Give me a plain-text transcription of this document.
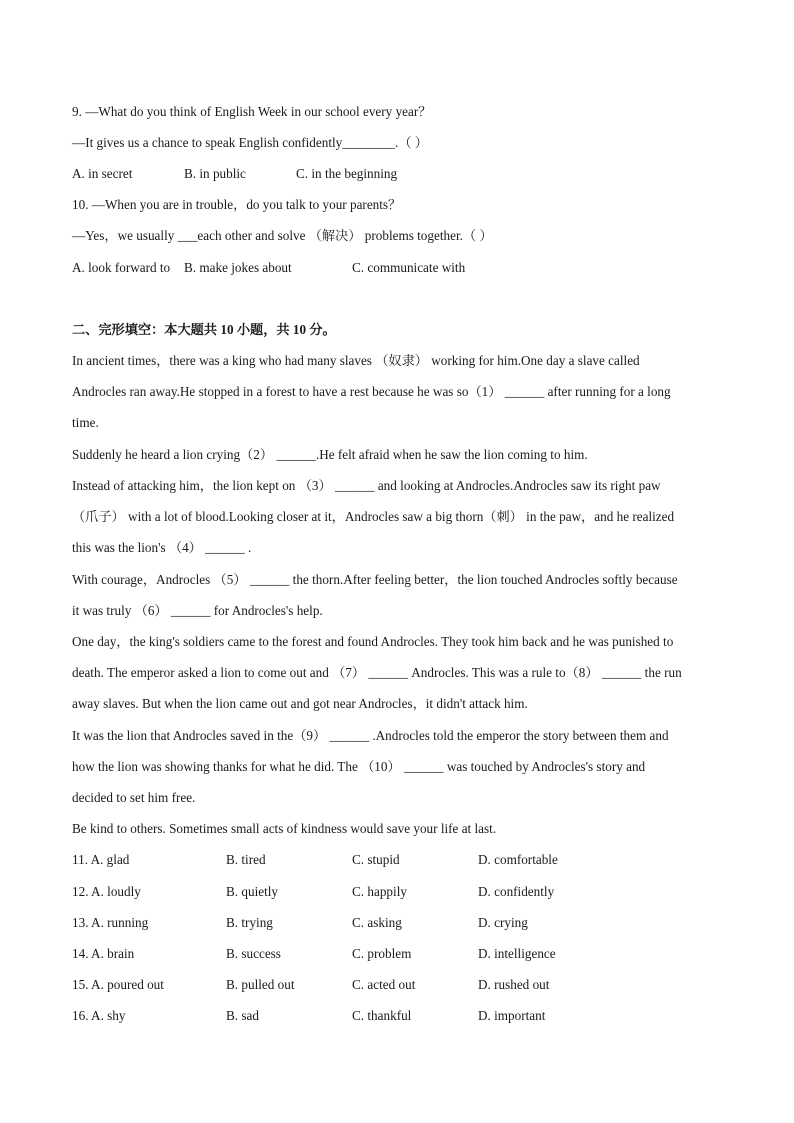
9. —What do you think of English Week in our school every year？
—It gives us a chance to speak English confidently________.（ ）
A. in secret	B. in public	C. in the beginning
10. —When you are in trouble，do you talk to your parents？
—Yes，we usually ___each other and solve （解决） problems together.（ ）
A. look forward to B. make jokes about	C. communicate with
二、完形填空：本大题共 10 小题，共 10 分。
In ancient times，there was a king who had many slaves （奴隶） working for him.One day a slave called
Androcles ran away.He stopped in a forest to have a rest because he was so（1） ______ after running for a long
time.
Suddenly he heard a lion crying（2） ______.He felt afraid when he saw the lion coming to him.
Instead of attacking him，the lion kept on （3） ______ and looking at Androcles.Androcles saw its right paw
（爪子） with a lot of blood.Looking closer at it，Androcles saw a big thorn（刺） in the paw，and he realized
this was the lion's （4） ______ .
With courage，Androcles （5） ______ the thorn.After feeling better，the lion touched Androcles softly because
it was truly （6） ______ for Androcles's help.
One day，the king's soldiers came to the forest and found Androcles. They took him back and he was punished to
death. The emperor asked a lion to come out and （7） ______ Androcles. This was a rule to（8） ______ the run
away slaves. But when the lion came out and got near Androcles，it didn't attack him.
It was the lion that Androcles saved in the（9） ______ .Androcles told the emperor the story between them and
how the lion was showing thanks for what he did. The （10） ______ was touched by Androcles's story and
decided to set him free.
Be kind to others. Sometimes small acts of kindness would save your life at last.
11. A. glad	B. tired	C. stupid	D. comfortable
12. A. loudly	B. quietly	C. happily	D. confidently
13. A. running	B. trying	C. asking	D. crying
14. A. brain	B. success	C. problem	D. intelligence
15. A. poured out	B. pulled out	C. acted out	D. rushed out
16. A. shy	B. sad	C. thankful	D. important
